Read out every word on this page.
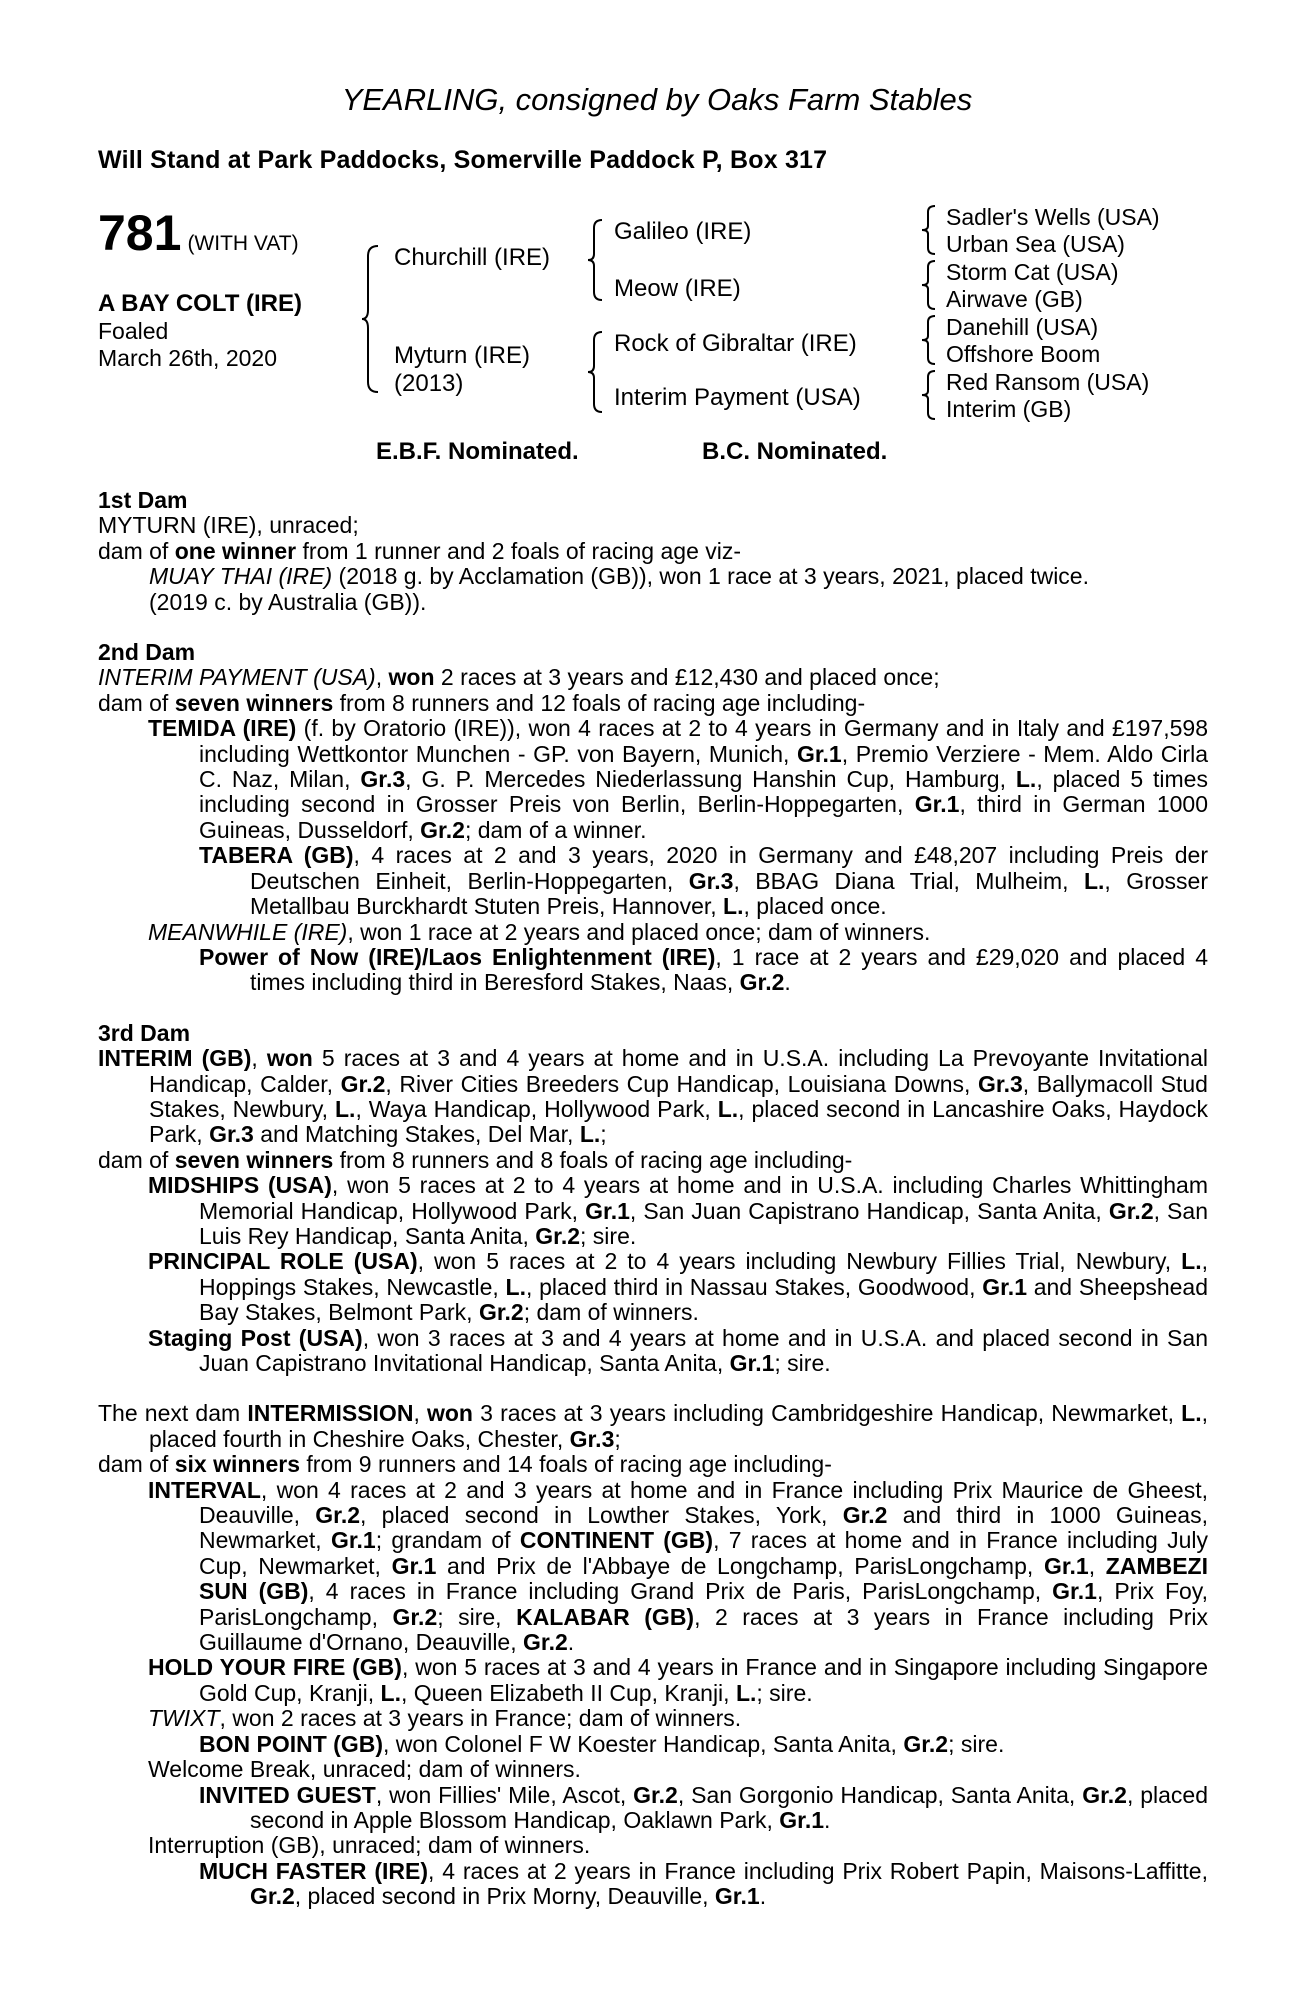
YEARLING, consigned by Oaks Farm Stables
Will Stand at Park Paddocks, Somerville Paddock P, Box 317
781 (WITH VAT)
A BAY COLT (IRE)
Foaled
March 26th, 2020
Churchill (IRE)
Myturn (IRE)
(2013)
Galileo (IRE)
Meow (IRE)
Rock of Gibraltar (IRE)
Interim Payment (USA)
Sadler's Wells (USA)
Urban Sea (USA)
Storm Cat (USA)
Airwave (GB)
Danehill (USA)
Offshore Boom
Red Ransom (USA)
Interim (GB)
E.B.F. Nominated.	B.C. Nominated.
1st Dam
MYTURN (IRE), unraced;
dam of one winner from 1 runner and 2 foals of racing age viz-
MUAY THAI (IRE) (2018 g. by Acclamation (GB)), won 1 race at 3 years, 2021, placed twice.
(2019 c. by Australia (GB)).
2nd Dam
INTERIM PAYMENT (USA), won 2 races at 3 years and £12,430 and placed once;
dam of seven winners from 8 runners and 12 foals of racing age including-
TEMIDA (IRE) (f. by Oratorio (IRE)), won 4 races at 2 to 4 years in Germany and in Italy and £197,598 including Wettkontor Munchen - GP. von Bayern, Munich, Gr.1, Premio Verziere - Mem. Aldo Cirla C. Naz, Milan, Gr.3, G. P. Mercedes Niederlassung Hanshin Cup, Hamburg, L., placed 5 times including second in Grosser Preis von Berlin, Berlin-Hoppegarten, Gr.1, third in German 1000 Guineas, Dusseldorf, Gr.2; dam of a winner.
TABERA (GB), 4 races at 2 and 3 years, 2020 in Germany and £48,207 including Preis der Deutschen Einheit, Berlin-Hoppegarten, Gr.3, BBAG Diana Trial, Mulheim, L., Grosser Metallbau Burckhardt Stuten Preis, Hannover, L., placed once.
MEANWHILE (IRE), won 1 race at 2 years and placed once; dam of winners.
Power of Now (IRE)/Laos Enlightenment (IRE), 1 race at 2 years and £29,020 and placed 4 times including third in Beresford Stakes, Naas, Gr.2.
3rd Dam
INTERIM (GB), won 5 races at 3 and 4 years at home and in U.S.A. including La Prevoyante Invitational Handicap, Calder, Gr.2, River Cities Breeders Cup Handicap, Louisiana Downs, Gr.3, Ballymacoll Stud Stakes, Newbury, L., Waya Handicap, Hollywood Park, L., placed second in Lancashire Oaks, Haydock Park, Gr.3 and Matching Stakes, Del Mar, L.;
dam of seven winners from 8 runners and 8 foals of racing age including-
MIDSHIPS (USA), won 5 races at 2 to 4 years at home and in U.S.A. including Charles Whittingham Memorial Handicap, Hollywood Park, Gr.1, San Juan Capistrano Handicap, Santa Anita, Gr.2, San Luis Rey Handicap, Santa Anita, Gr.2; sire.
PRINCIPAL ROLE (USA), won 5 races at 2 to 4 years including Newbury Fillies Trial, Newbury, L., Hoppings Stakes, Newcastle, L., placed third in Nassau Stakes, Goodwood, Gr.1 and Sheepshead Bay Stakes, Belmont Park, Gr.2; dam of winners.
Staging Post (USA), won 3 races at 3 and 4 years at home and in U.S.A. and placed second in San Juan Capistrano Invitational Handicap, Santa Anita, Gr.1; sire.
The next dam INTERMISSION, won 3 races at 3 years including Cambridgeshire Handicap, Newmarket, L., placed fourth in Cheshire Oaks, Chester, Gr.3;
dam of six winners from 9 runners and 14 foals of racing age including-
INTERVAL, won 4 races at 2 and 3 years at home and in France including Prix Maurice de Gheest, Deauville, Gr.2, placed second in Lowther Stakes, York, Gr.2 and third in 1000 Guineas, Newmarket, Gr.1; grandam of CONTINENT (GB), 7 races at home and in France including July Cup, Newmarket, Gr.1 and Prix de l'Abbaye de Longchamp, ParisLongchamp, Gr.1, ZAMBEZI SUN (GB), 4 races in France including Grand Prix de Paris, ParisLongchamp, Gr.1, Prix Foy, ParisLongchamp, Gr.2; sire, KALABAR (GB), 2 races at 3 years in France including Prix Guillaume d'Ornano, Deauville, Gr.2.
HOLD YOUR FIRE (GB), won 5 races at 3 and 4 years in France and in Singapore including Singapore Gold Cup, Kranji, L., Queen Elizabeth II Cup, Kranji, L.; sire.
TWIXT, won 2 races at 3 years in France; dam of winners.
BON POINT (GB), won Colonel F W Koester Handicap, Santa Anita, Gr.2; sire.
Welcome Break, unraced; dam of winners.
INVITED GUEST, won Fillies' Mile, Ascot, Gr.2, San Gorgonio Handicap, Santa Anita, Gr.2, placed second in Apple Blossom Handicap, Oaklawn Park, Gr.1.
Interruption (GB), unraced; dam of winners.
MUCH FASTER (IRE), 4 races at 2 years in France including Prix Robert Papin, Maisons-Laffitte, Gr.2, placed second in Prix Morny, Deauville, Gr.1.
